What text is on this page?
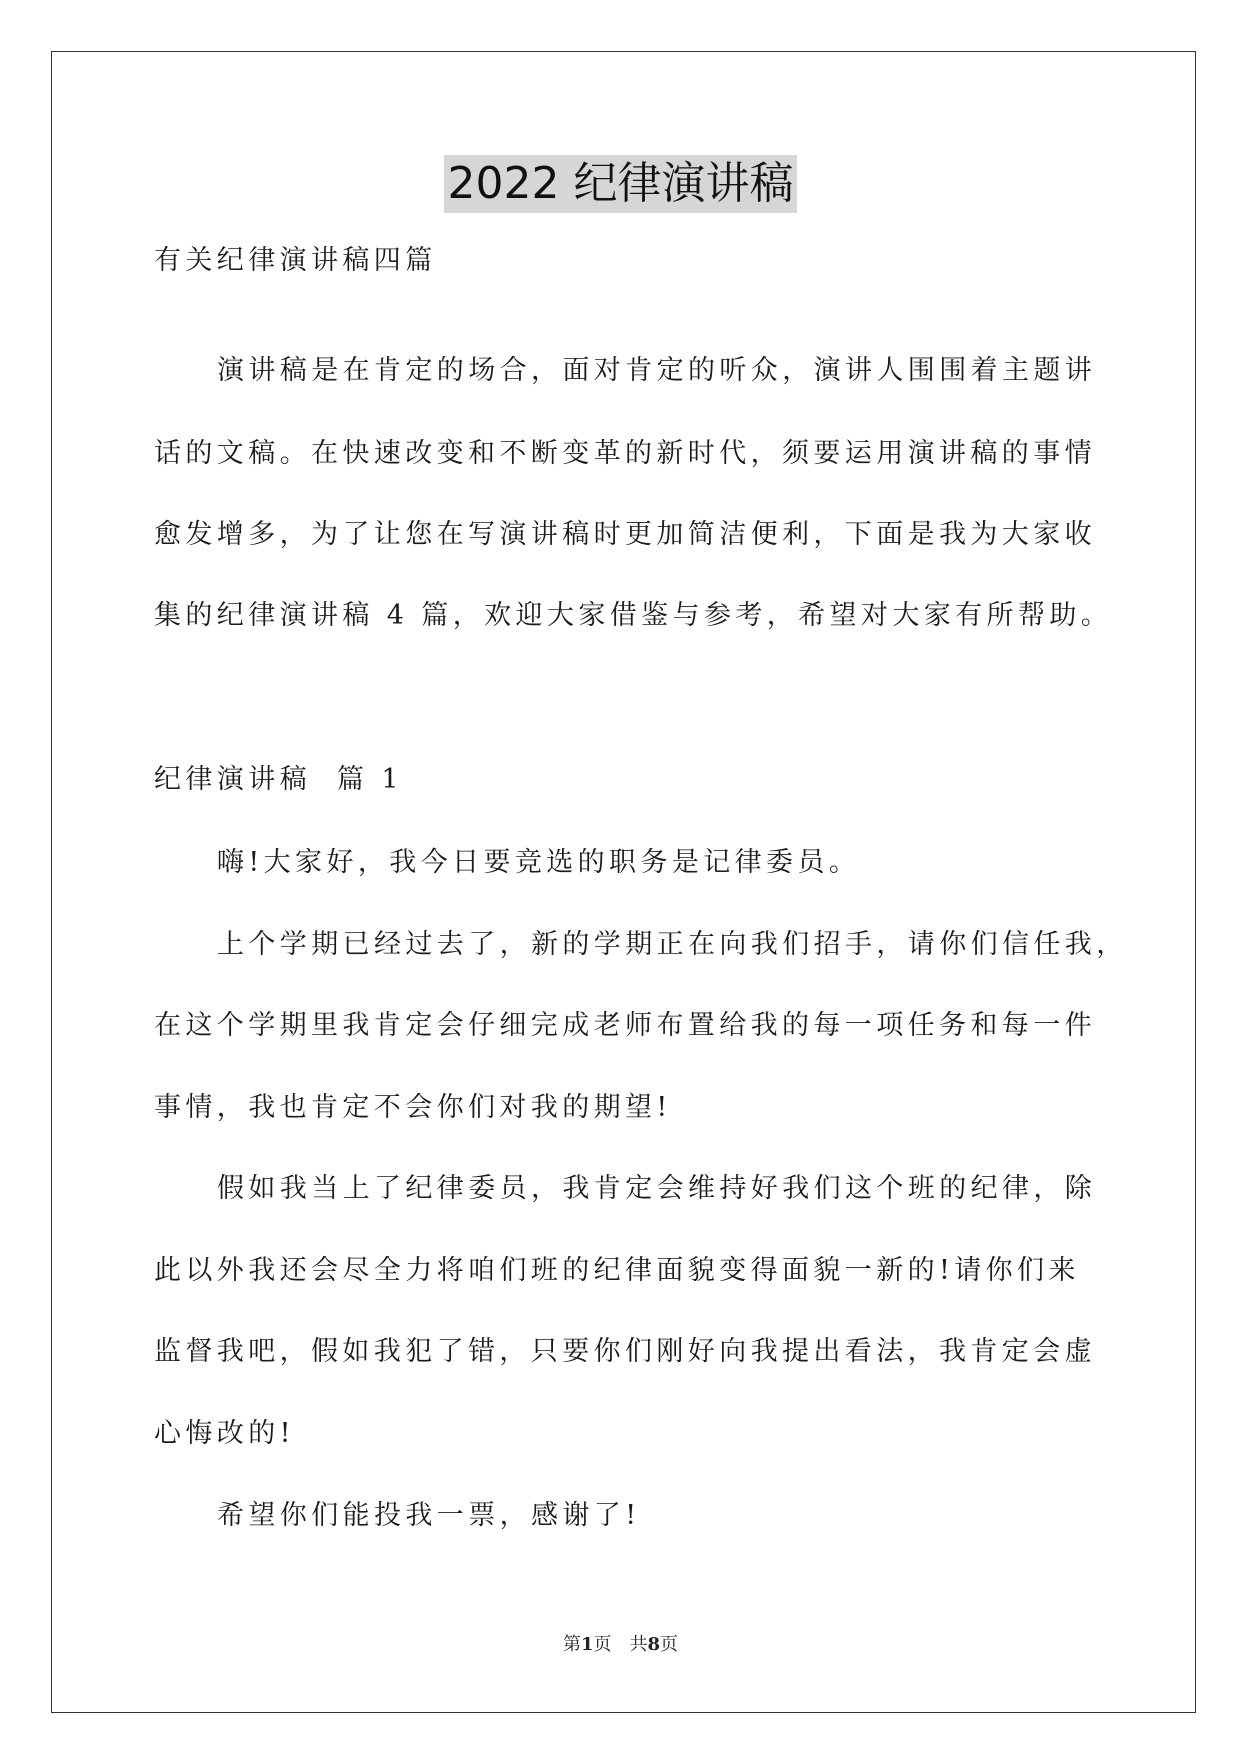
2022 纪律演讲稿
有关纪律演讲稿四篇
演讲稿是在肯定的场合，面对肯定的听众，演讲人围围着主题讲
话的文稿。在快速改变和不断变革的新时代，须要运用演讲稿的事情
愈发增多，为了让您在写演讲稿时更加简洁便利，下面是我为大家收
集的纪律演讲稿 4 篇，欢迎大家借鉴与参考，希望对大家有所帮助。
纪律演讲稿  篇 1
嗨!大家好，我今日要竞选的职务是记律委员。
上个学期已经过去了，新的学期正在向我们招手，请你们信任我，
在这个学期里我肯定会仔细完成老师布置给我的每一项任务和每一件
事情，我也肯定不会你们对我的期望!
假如我当上了纪律委员，我肯定会维持好我们这个班的纪律，除
此以外我还会尽全力将咱们班的纪律面貌变得面貌一新的!请你们来
监督我吧，假如我犯了错，只要你们刚好向我提出看法，我肯定会虚
心悔改的!
希望你们能投我一票，感谢了!
第1页 共8页
